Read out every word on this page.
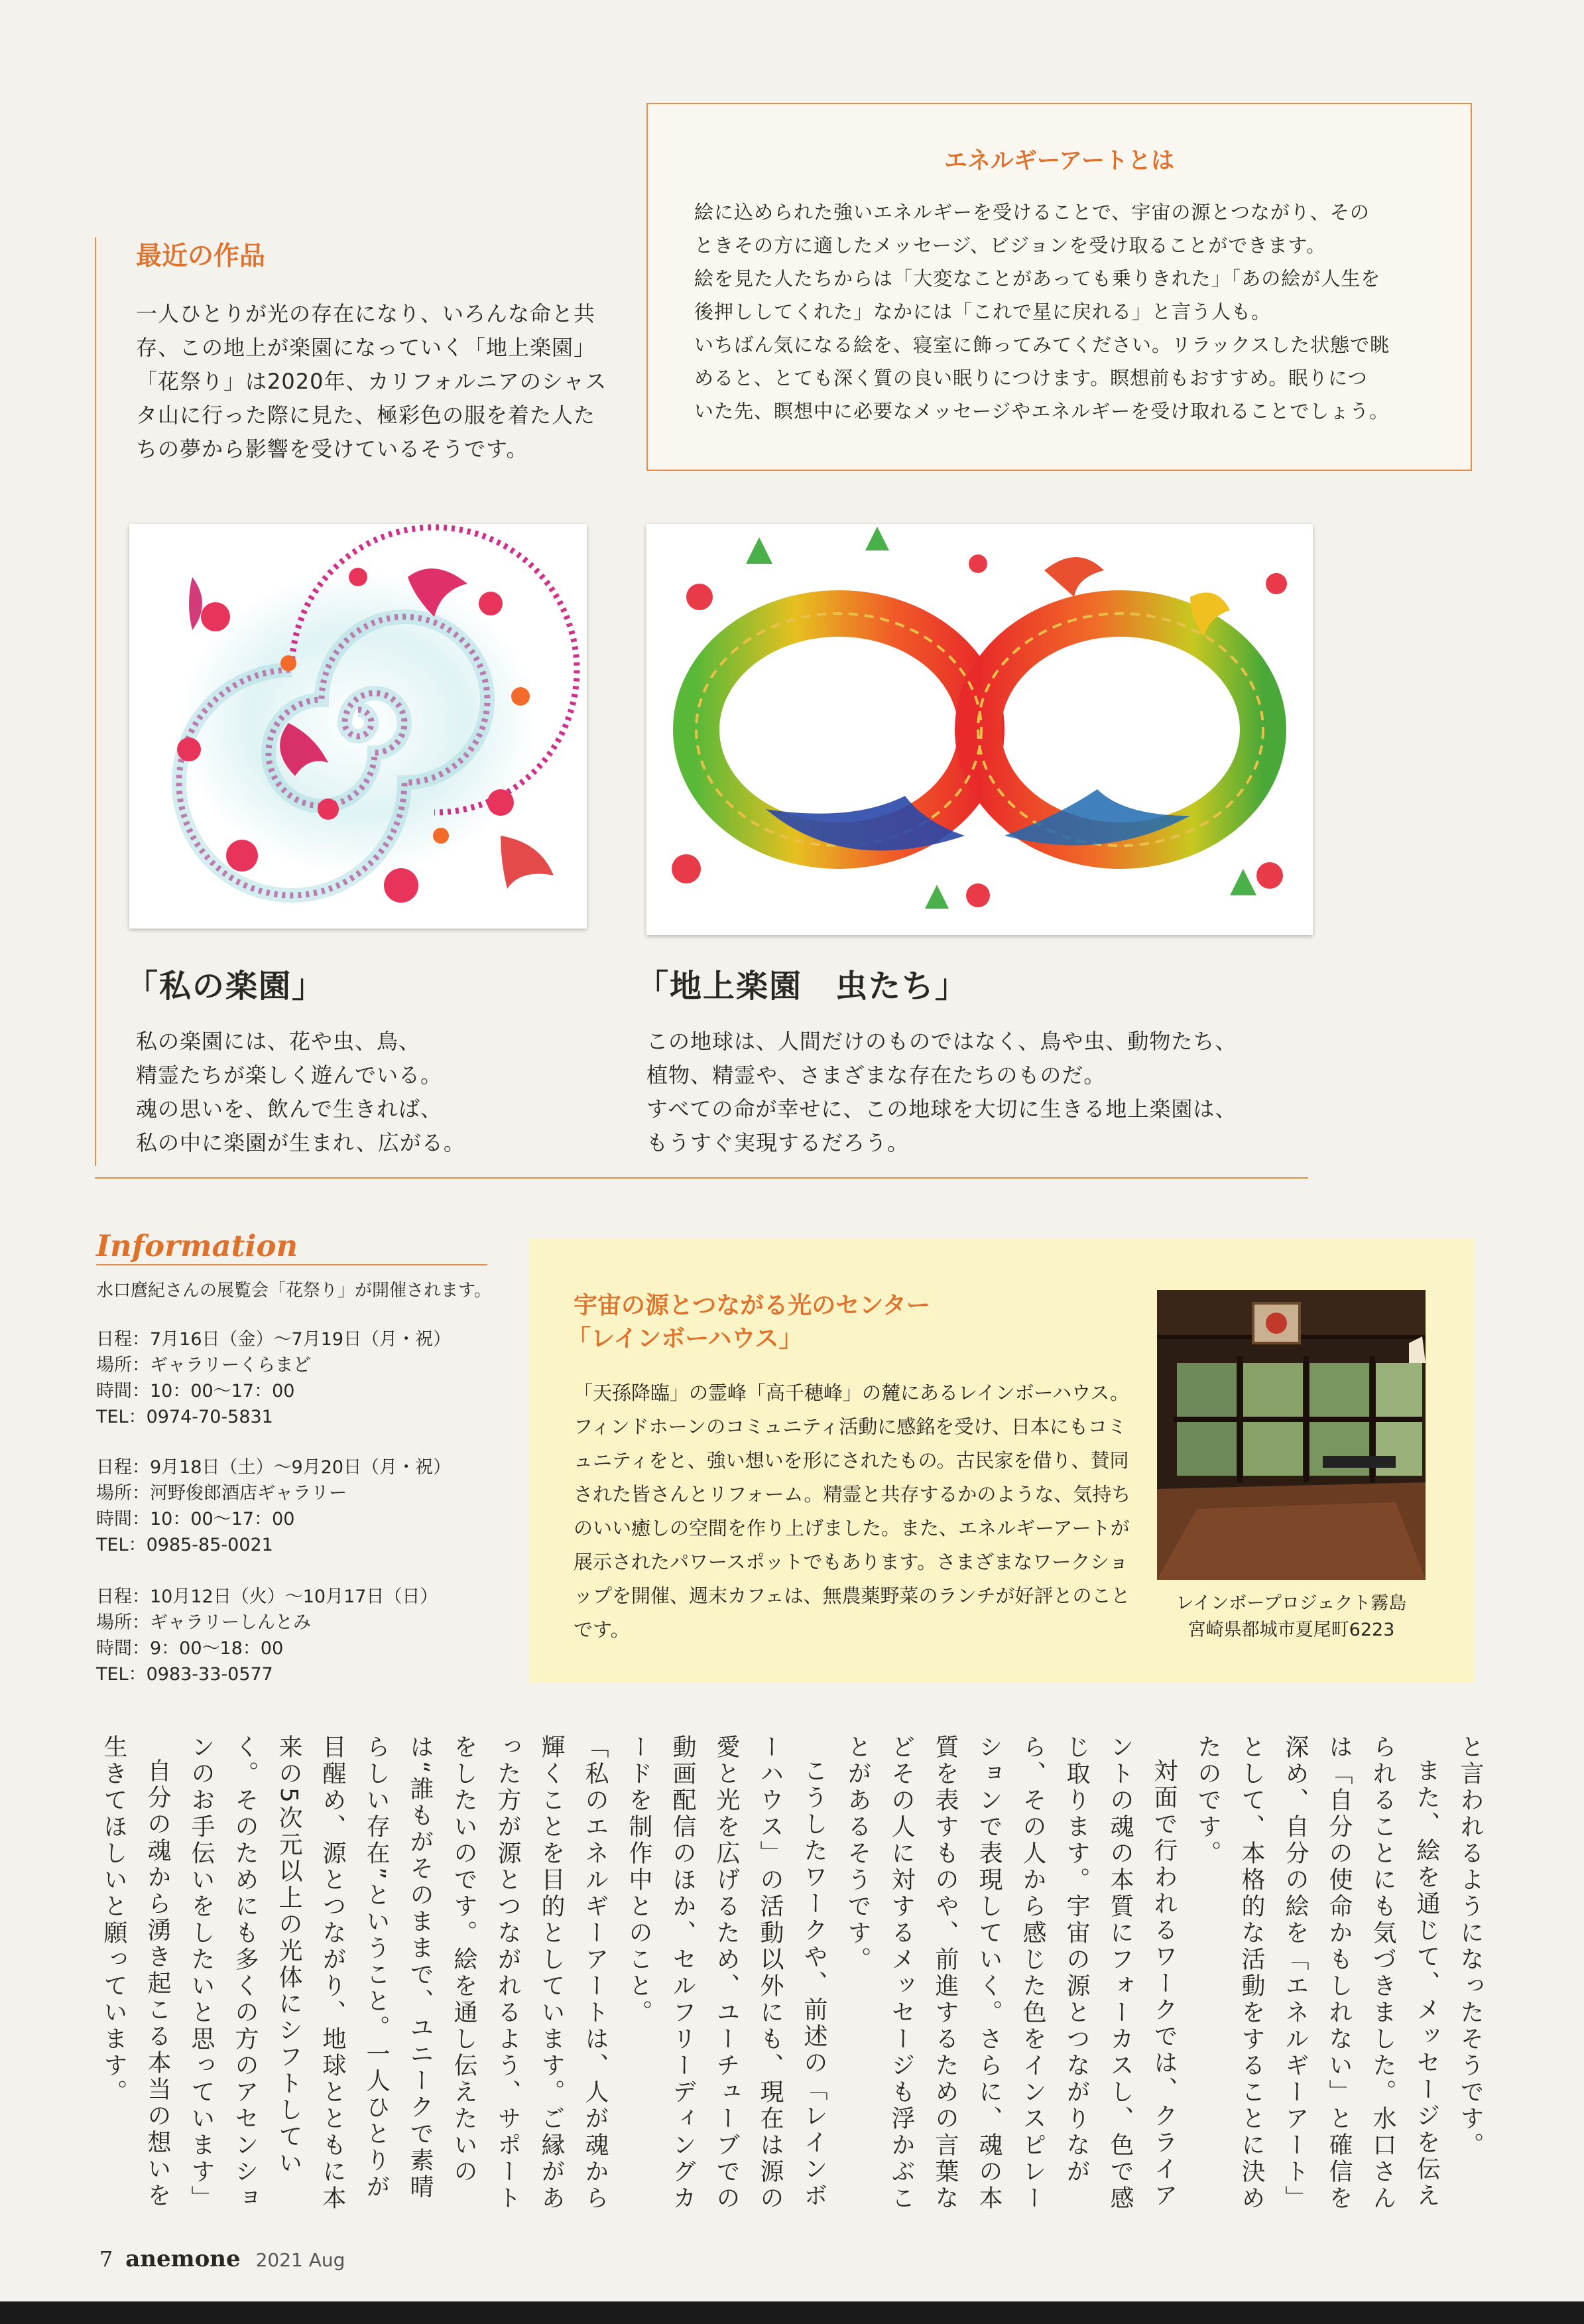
エネルギーアートとは

絵に込められた強いエネルギーを受けることで、宇宙の源とつながり、その

ときその方に適したメッセージ、ビジョンを受け取ることができます。

絵を見た人たちからは「大変なことがあっても乗りきれた」「あの絵が人生を

後押ししてくれた」なかには「これで星に戻れる」と言う人も。

いちばん気になる絵を、寝室に飾ってみてください。リラックスした状態で眺

めると、とても深く質の良い眠りにつけます。瞑想前もおすすめ。眠りにつ

いた先、瞑想中に必要なメッセージやエネルギーを受け取れることでしょう。

最近の作品

一人ひとりが光の存在になり、いろんな命と共存、この地上が楽園になっていく「地上楽園」「花祭り」は2020年、カリフォルニアのシャスタ山に行った際に見た、極彩色の服を着た人たちの夢から影響を受けているそうです。

「私の楽園」	「地上楽園　虫たち」
私の楽園には、花や虫、鳥、
精霊たちが楽しく遊んでいる。
魂の思いを、飲んで生きれば、
私の中に楽園が生まれ、広がる。
この地球は、人間だけのものではなく、鳥や虫、動物たち、
植物、精霊や、さまざまな存在たちのものだ。
すべての命が幸せに、この地球を大切に生きる地上楽園は、
もうすぐ実現するだろう。
Information

水口麿紀さんの展覧会「花祭り」が開催されます。

日程：7月16日（金）～7月19日（月・祝）
場所：ギャラリーくらまど
時間：10：00～17：00
TEL：0974-70-5831
日程：9月18日（土）～9月20日（月・祝）
場所：河野俊郎酒店ギャラリー
時間：10：00～17：00
TEL：0985-85-0021
日程：10月12日（火）～10月17日（日）
場所：ギャラリーしんとみ
時間：9：00～18：00
TEL：0983-33-0577
宇宙の源とつながる光のセンター
「レインボーハウス」

「天孫降臨」の霊峰「高千穂峰」の麓にあるレインボーハウス。フィンドホーンのコミュニティ活動に感銘を受け、日本にもコミュニティをと、強い想いを形にされたもの。古民家を借り、賛同された皆さんとリフォーム。精霊と共存するかのような、気持ちのいい癒しの空間を作り上げました。また、エネルギーアートが展示されたパワースポットでもあります。さまざまなワークショップを開催、週末カフェは、無農薬野菜のランチが好評とのことです。

レインボープロジェクト霧島
宮崎県都城市夏尾町6223

と言われるようになったそうです。

また、絵を通じて、メッセージを伝えられることにも気づきました。水口さんは「自分の使命かもしれない」と確信を深め、自分の絵を「エネルギーアート」として、本格的な活動をすることに決めたのです。

対面で行われるワークでは、クライアントの魂の本質にフォーカスし、色で感じ取ります。宇宙の源とつながりながら、その人から感じた色をインスピレーションで表現していく。さらに、魂の本質を表すものや、前進するための言葉などその人に対するメッセージも浮かぶことがあるそうです。

こうしたワークや、前述の「レインボーハウス」の活動以外にも、現在は源の愛と光を広げるため、ユーチューブでの動画配信のほか、セルフリーディングカードを制作中とのこと。

「私のエネルギーアートは、人が魂から輝くことを目的としています。ご縁があった方が源とつながれるよう、サポートをしたいのです。絵を通し伝えたいのは“誰もがそのままで、ユニークで素晴らしい存在”ということ。一人ひとりが目醒め、源とつながり、地球とともに本来の5次元以上の光体にシフトしていく。そのためにも多くの方のアセンションのお手伝いをしたいと思っています」

自分の魂から湧き起こる本当の想いを生きてほしいと願っています。

7 anemone 2021 Aug
